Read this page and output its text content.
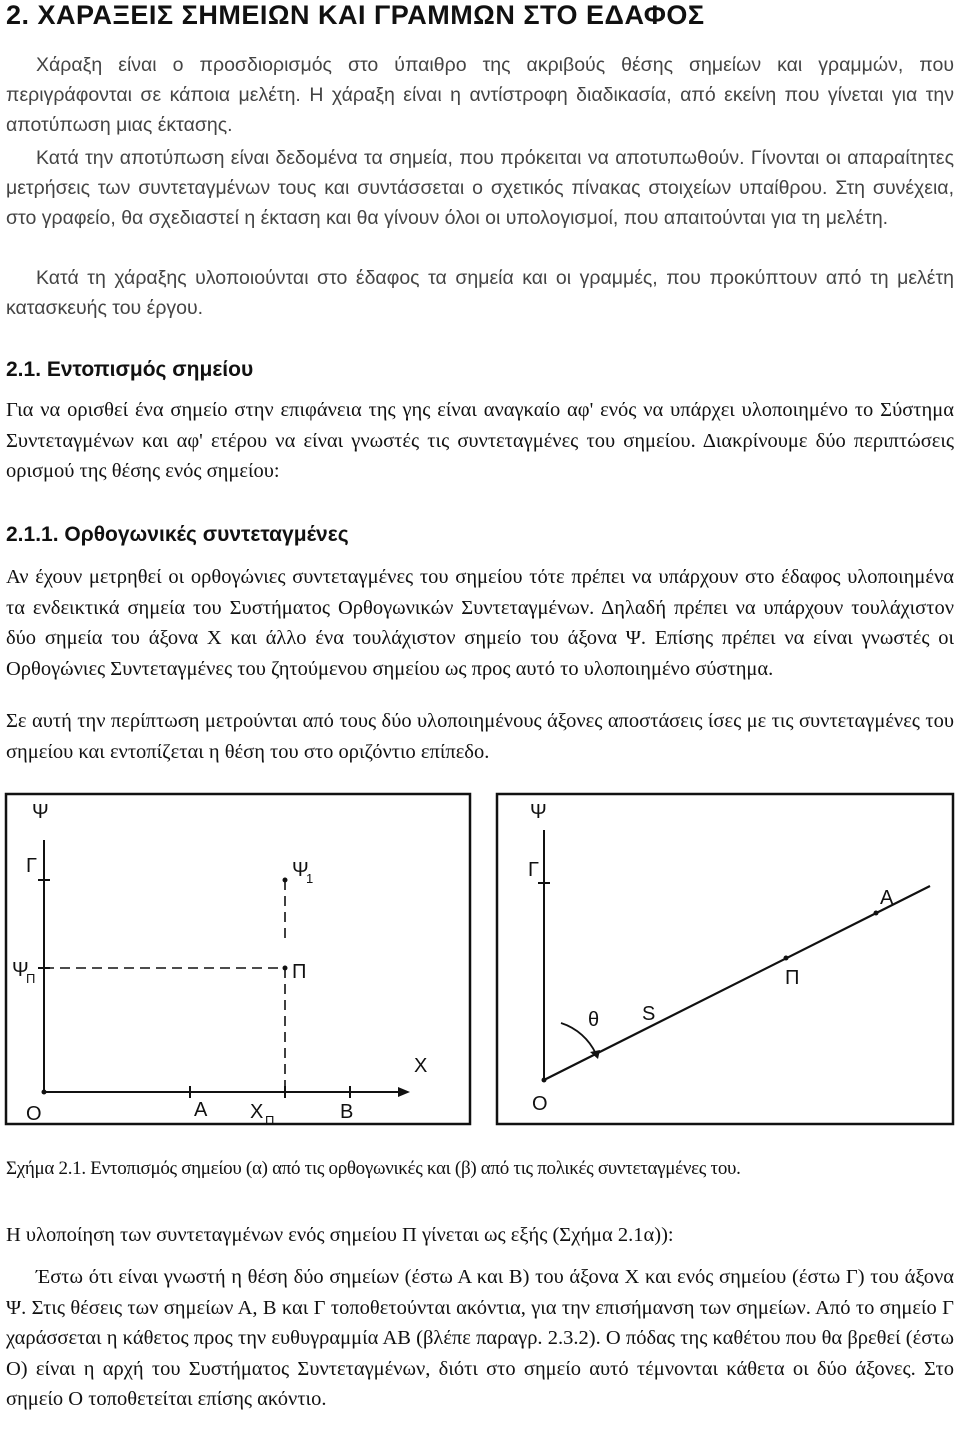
2. ΧΑΡΑΞΕΙΣ ΣΗΜΕΙΩΝ ΚΑΙ ΓΡΑΜΜΩΝ ΣΤΟ ΕΔΑΦΟΣ

Χάραξη είναι ο προσδιορισμός στο ύπαιθρο της ακριβούς θέσης σημείων και γραμμών, που περιγράφονται σε κάποια μελέτη. Η χάραξη είναι η αντίστροφη διαδικασία, από εκείνη που γίνεται για την αποτύπωση μιας έκτασης.

Κατά την αποτύπωση είναι δεδομένα τα σημεία, που πρόκειται να αποτυπωθούν. Γίνονται οι απαραίτητες μετρήσεις των συντεταγμένων τους και συντάσσεται ο σχετικός πίνακας στοιχείων υπαίθρου. Στη συνέχεια, στο γραφείο, θα σχεδιαστεί η έκταση και θα γίνουν όλοι οι υπολογισμοί, που απαιτούνται για τη μελέτη.

Κατά τη χάραξης υλοποιούνται στο έδαφος τα σημεία και οι γραμμές, που προκύπτουν από τη μελέτη κατασκευής του έργου.

2.1. Εντοπισμός σημείου

Για να ορισθεί ένα σημείο στην επιφάνεια της γης είναι αναγκαίο αφ' ενός να υπάρχει υλοποιημένο το Σύστημα Συντεταγμένων και αφ' ετέρου να είναι γνωστές τις συντεταγμένες του σημείου. Διακρίνουμε δύο περιπτώσεις ορισμού της θέσης ενός σημείου:

2.1.1. Ορθογωνικές συντεταγμένες

Αν έχουν μετρηθεί οι ορθογώνιες συντεταγμένες του σημείου τότε πρέπει να υπάρχουν στο έδαφος υλοποιημένα τα ενδεικτικά σημεία του Συστήματος Ορθογωνικών Συντεταγμένων. Δηλαδή πρέπει να υπάρχουν τουλάχιστον δύο σημεία του άξονα Χ και άλλο ένα τουλάχιστον σημείο του άξονα Ψ. Επίσης πρέπει να είναι γνωστές οι Ορθογώνιες Συντεταγμένες του ζητούμενου σημείου ως προς αυτό το υλοποιημένο σύστημα.

Σε αυτή την περίπτωση μετρούνται από τους δύο υλοποιημένους άξονες αποστάσεις ίσες με τις συντεταγμένες του σημείου και εντοπίζεται η θέση του στο οριζόντιο επίπεδο.

Ψ
Γ	Ψ
1
Ψ
Π	Π
X
Α Χ Π	Β
O
Ψ
Γ
Α
Π
θ S
O
Σχήμα 2.1. Εντοπισμός σημείου (α) από τις ορθογωνικές και (β) από τις πολικές συντεταγμένες του.

Η υλοποίηση των συντεταγμένων ενός σημείου Π γίνεται ως εξής (Σχήμα 2.1α)):

Έστω ότι είναι γνωστή η θέση δύο σημείων (έστω Α και Β) του άξονα Χ και ενός σημείου (έστω Γ) του άξονα Ψ. Στις θέσεις των σημείων Α, Β και Γ τοποθετούνται ακόντια, για την επισήμανση των σημείων. Από το σημείο Γ χαράσσεται η κάθετος προς την ευθυγραμμία ΑΒ (βλέπε παραγρ. 2.3.2). Ο πόδας της καθέτου που θα βρεθεί (έστω Ο) είναι η αρχή του Συστήματος Συντεταγμένων, διότι στο σημείο αυτό τέμνονται κάθετα οι δύο άξονες. Στο σημείο Ο τοποθετείται επίσης ακόντιο.
